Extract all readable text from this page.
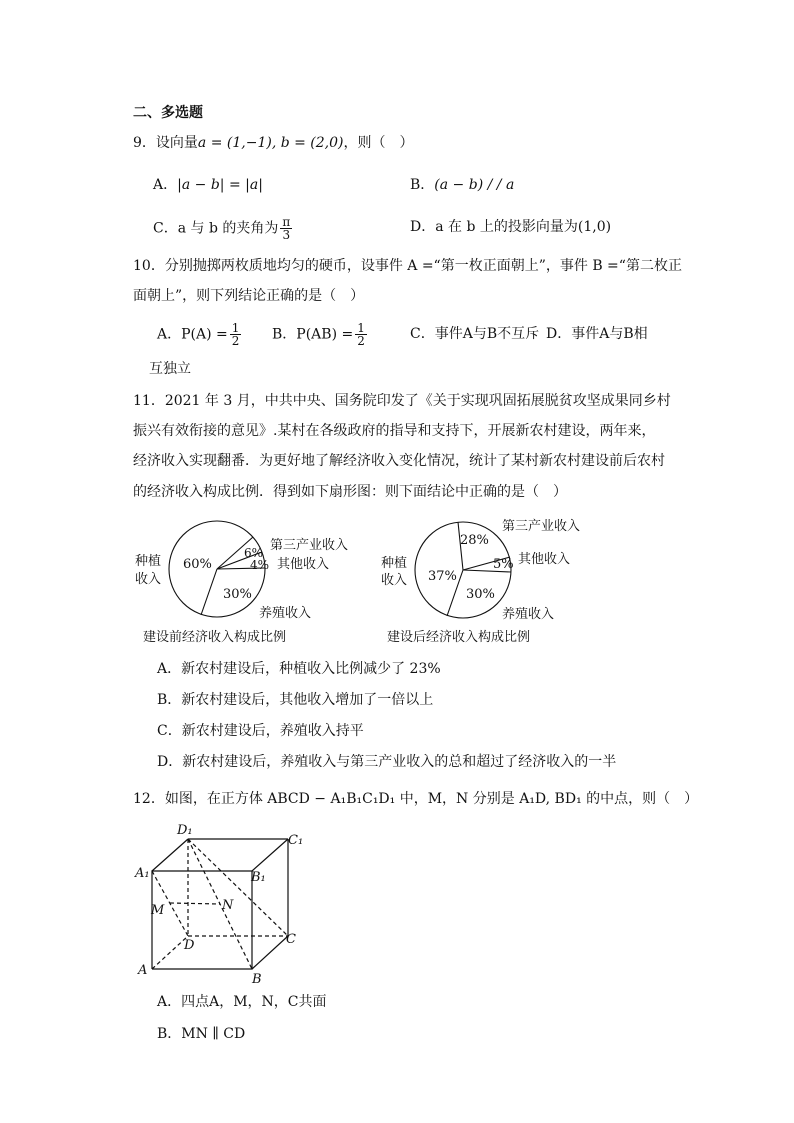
二、多选题
9．设向量a = (1,−1), b = (2,0)，则（　）
A．|a − b| = |a|	B．(a − b) / / a
C．a 与 b 的夹角为 $\frac{\pi}{3}$	D．a 在 b 上的投影向量为(1,0)
10．分别抛掷两枚质地均匀的硬币，设事件 A =“第一枚正面朝上”，事件 B =“第二枚正
面朝上”，则下列结论正确的是（　）
A．$P(A) = \frac{1}{2}$ B．$P(AB) = \frac{1}{2}$	C．事件A与B不互斥 D．事件A与B相
互独立
11．2021 年 3 月，中共中央、国务院印发了《关于实现巩固拓展脱贫攻坚成果同乡村
振兴有效衔接的意见》.某村在各级政府的指导和支持下，开展新农村建设，两年来，
经济收入实现翻番．为更好地了解经济收入变化情况，统计了某村新农村建设前后农村
的经济收入构成比例．得到如下扇形图：则下面结论中正确的是（　）
60%
6%
4%
30%
种植
收入
第三产业收入
其他收入
养殖收入
建设前经济收入构成比例
28%
5%
37%
30%
种植
收入
第三产业收入
其他收入
养殖收入
建设后经济收入构成比例
A．新农村建设后，种植收入比例减少了 23%
B．新农村建设后，其他收入增加了一倍以上
C．新农村建设后，养殖收入持平
D．新农村建设后，养殖收入与第三产业收入的总和超过了经济收入的一半
12．如图，在正方体 ABCD − A₁B₁C₁D₁ 中，M，N 分别是 A₁D, BD₁ 的中点，则（　）
D₁
C₁
A₁	B₁
M	N
D	C
A
B
A．四点A，M，N，C共面
B．MN ∥ CD
